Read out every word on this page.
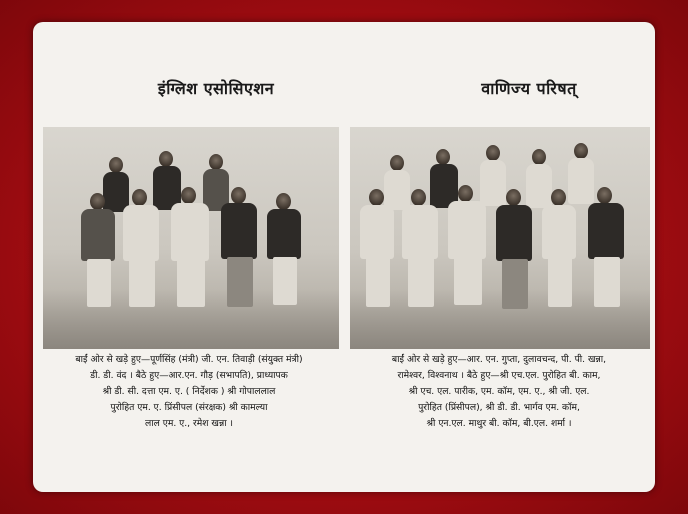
इंग्लिश एसोसिएशन	वाणिज्य परिषत्
बाईं ओर से खड़े हुए—पूर्णसिंह (मंत्री) जी. एन. तिवाड़ी (संयुक्त मंत्री)
डी. डी. वंद । बैठे हुए—आर.एन. गौड़ (सभापति), प्राध्यापक
श्री डी. सी. दत्ता एम. ए. ( निर्देशक ) श्री गोपाललाल
पुरोहित एम. ए. प्रिंसीपल (संरक्षक) श्री कामल्या
लाल एम. ए., रमेश खन्ना ।
बाईं ओर से खड़े हुए—आर. एन. गुप्ता, दुलावचन्द, पी. पी. खन्ना,
रामेश्वर, विश्वनाथ । बैठे हुए—श्री एच.एल. पुरोहित बी. काम,
श्री एच. एल. पारीक, एम. कॉम, एम. ए., श्री जी. एल.
पुरोहित (प्रिंसीपल), श्री डी. डी. भार्गव एम. कॉम,
श्री एन.एल. माथुर बी. कॉम, बी.एल. शर्मा ।
